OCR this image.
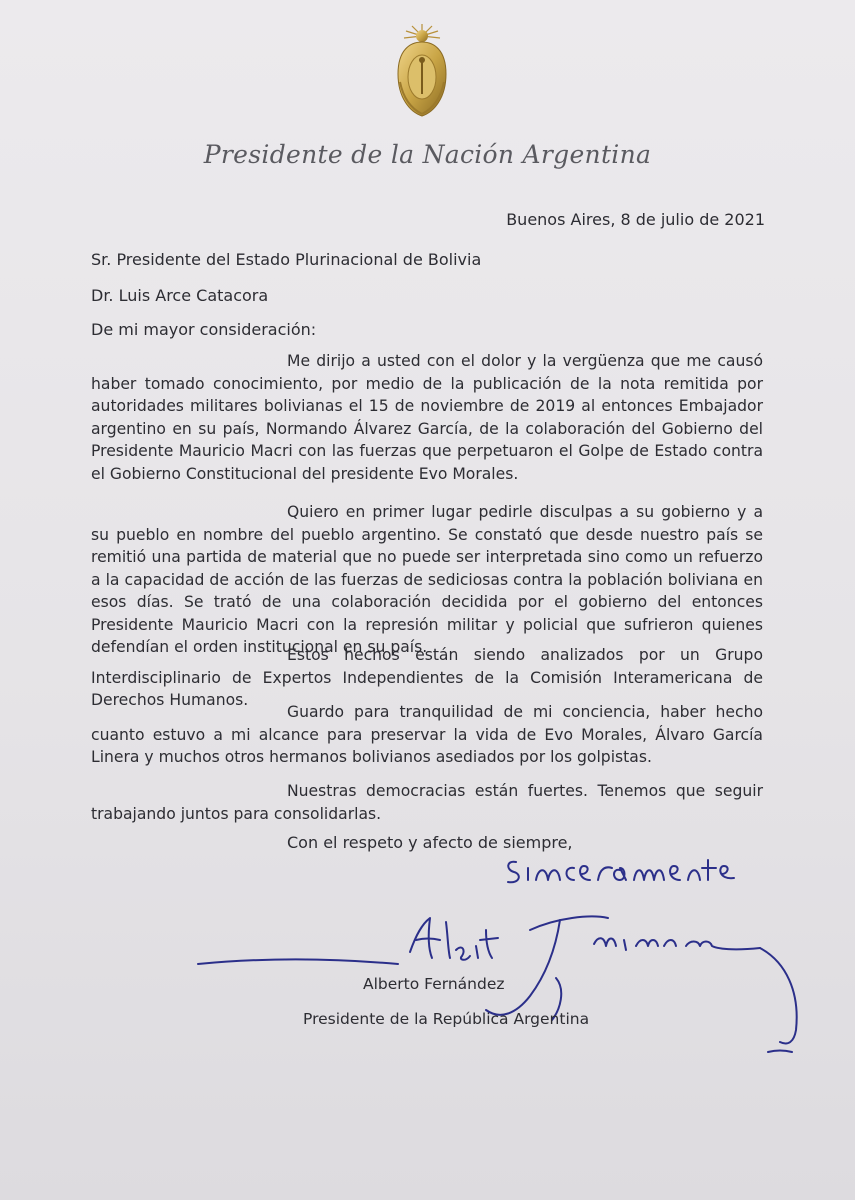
Presidente de la Nación Argentina
Buenos Aires, 8 de julio de 2021
Sr. Presidente del Estado Plurinacional de Bolivia
Dr. Luis Arce Catacora
De mi mayor consideración:
Me dirijo a usted con el dolor y la vergüenza que me causó haber tomado conocimiento, por medio de la publicación de la nota remitida por autoridades militares bolivianas el 15 de noviembre de 2019 al entonces Embajador argentino en su país, Normando Álvarez García, de la colaboración del Gobierno del Presidente Mauricio Macri con las fuerzas que perpetuaron el Golpe de Estado contra el Gobierno Constitucional del presidente Evo Morales.
Quiero en primer lugar pedirle disculpas a su gobierno y a su pueblo en nombre del pueblo argentino. Se constató que desde nuestro país se remitió una partida de material que no puede ser interpretada sino como un refuerzo a la capacidad de acción de las fuerzas de sediciosas contra la población boliviana en esos días. Se trató de una colaboración decidida por el gobierno del entonces Presidente Mauricio Macri con la represión militar y policial que sufrieron quienes defendían el orden institucional en su país.
Estos hechos están siendo analizados por un Grupo Interdisciplinario de Expertos Independientes de la Comisión Interamericana de Derechos Humanos.
Guardo para tranquilidad de mi conciencia, haber hecho cuanto estuvo a mi alcance para preservar la vida de Evo Morales, Álvaro García Linera y muchos otros hermanos bolivianos asediados por los golpistas.
Nuestras democracias están fuertes. Tenemos que seguir trabajando juntos para consolidarlas.
Con el respeto y afecto de siempre,
Alberto Fernández
Presidente de la República Argentina
